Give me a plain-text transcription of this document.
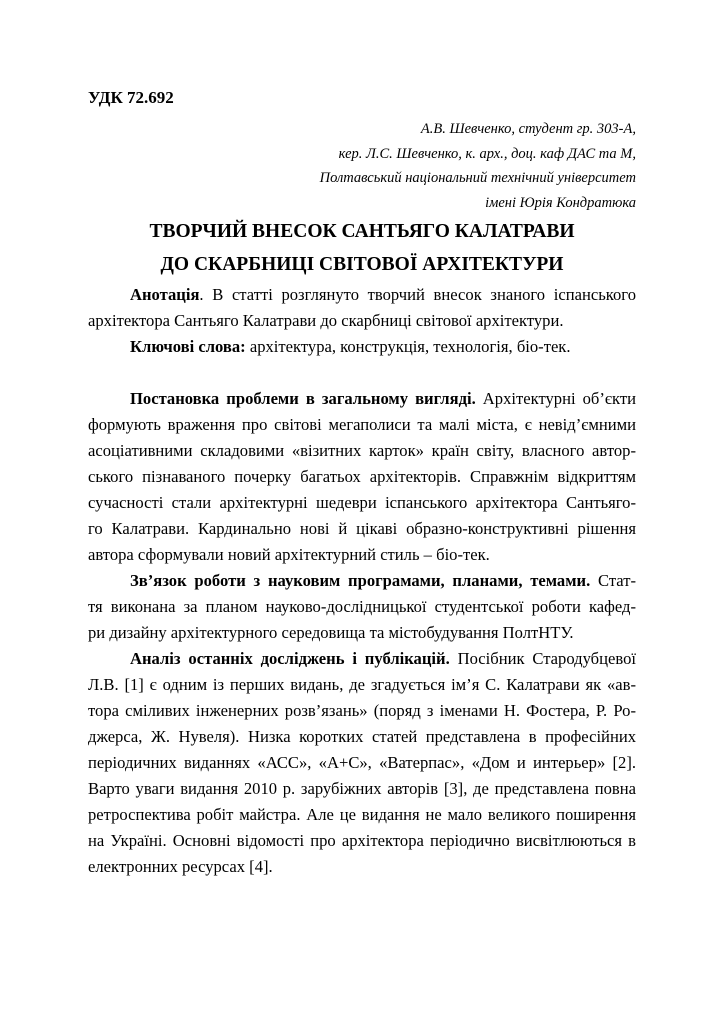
УДК 72.692
А.В. Шевченко, студент гр. 303-А,
кер. Л.С. Шевченко, к. арх., доц. каф ДАС та М,
Полтавський національний технічний університет
імені Юрія Кондратюка
ТВОРЧИЙ ВНЕСОК САНТЬЯГО КАЛАТРАВИ
ДО СКАРБНИЦІ СВІТОВОЇ АРХІТЕКТУРИ
Анотація. В статті розглянуто творчий внесок знаного іспанського
архітектора Сантьяго Калатрави до скарбниці світової архітектури.
Ключові слова: архітектура, конструкція, технологія, біо-тек.
Постановка проблеми в загальному вигляді. Архітектурні об’єкти
формують враження про світові мегаполиси та малі міста, є невід’ємними
асоціативними складовими «візитних карток» країн світу, власного автор-
ського пізнаваного почерку багатьох архітекторів. Справжнім відкриттям
сучасності стали архітектурні шедеври іспанського архітектора Сантьяго-
го Калатрави. Кардинально нові й цікаві образно-конструктивні рішення
автора сформували новий архітектурний стиль – біо-тек.
Зв’язок роботи з науковим програмами, планами, темами. Стат-
тя виконана за планом науково-дослідницької студентської роботи кафед-
ри дизайну архітектурного середовища та містобудування ПолтНТУ.
Аналіз останніх досліджень і публікацій. Посібник Стародубцевої
Л.В. [1] є одним із перших видань, де згадується ім’я С. Калатрави як «ав-
тора сміливих інженерних розв’язань» (поряд з іменами Н. Фостера, Р. Ро-
джерса, Ж. Нувеля). Низка коротких статей представлена в професійних
періодичних виданнях «АСС», «А+С», «Ватерпас», «Дом и интерьер» [2].
Варто уваги видання 2010 р. зарубіжних авторів [3], де представлена повна
ретроспектива робіт майстра. Але це видання не мало великого поширення
на Україні. Основні відомості про архітектора періодично висвітлюються в
електронних ресурсах [4].
